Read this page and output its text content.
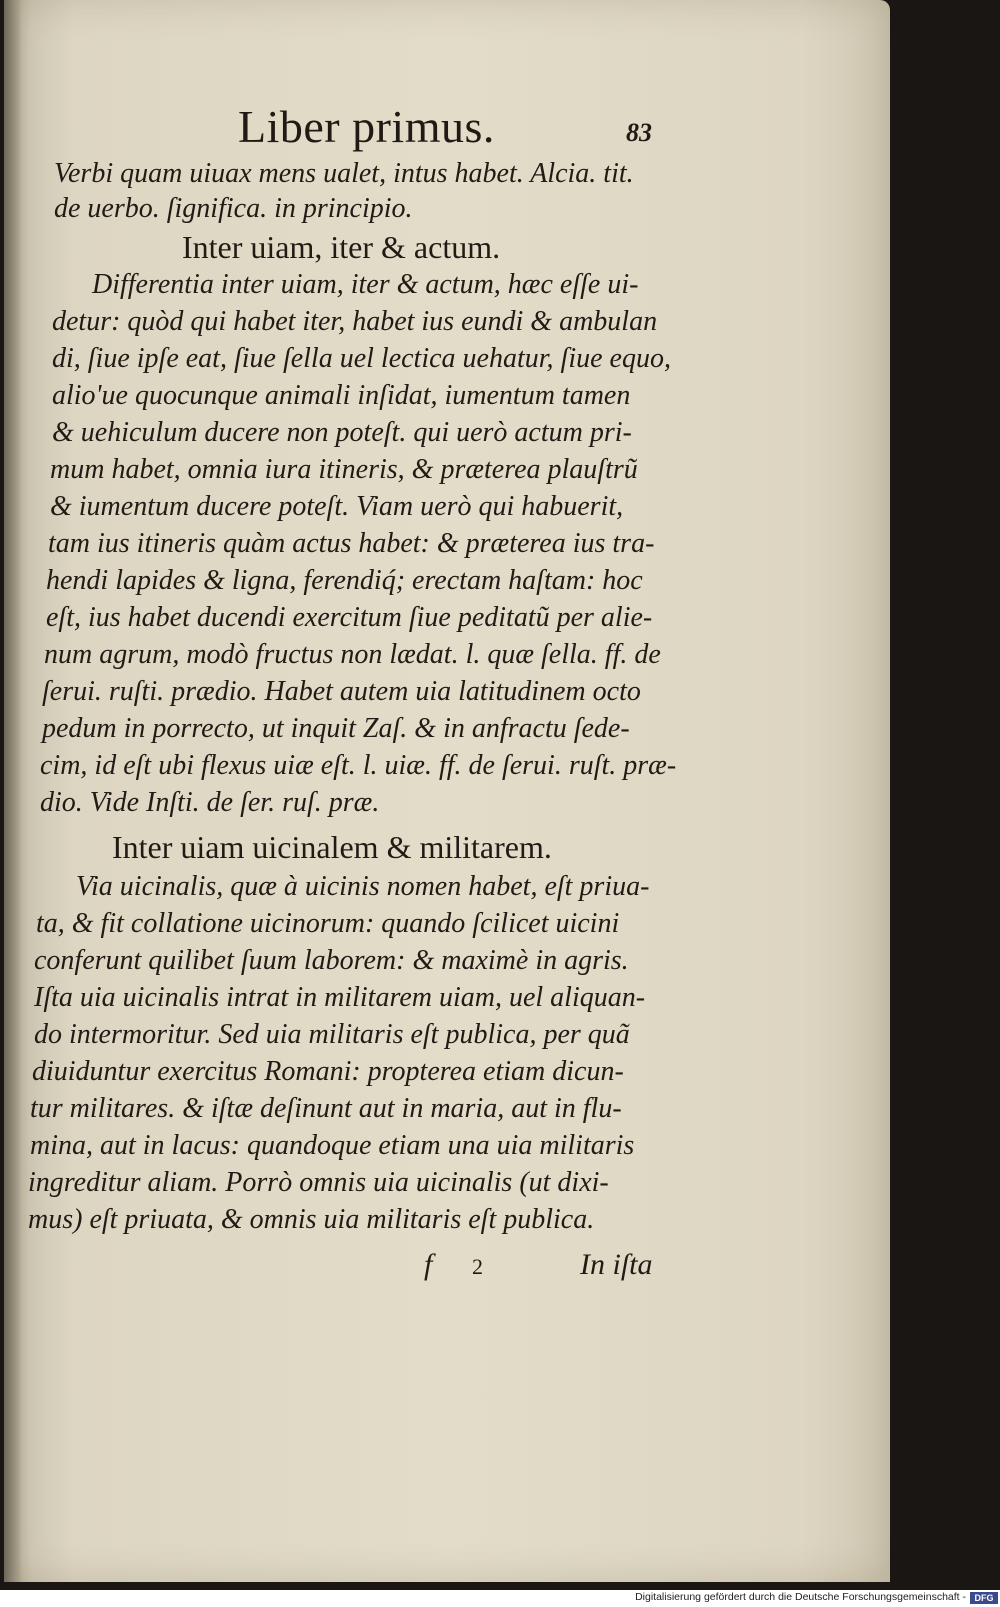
Liber primus.	83
Verbi quam uiuax mens ualet, intus habet. Alcia. tit.
de uerbo. ſignifica. in principio.
Inter uiam, iter & actum.
Differentia inter uiam, iter & actum, hæc eſſe ui-
detur: quòd qui habet iter, habet ius eundi & ambulan
di, ſiue ipſe eat, ſiue ſella uel lectica uehatur, ſiue equo,
alio'ue quocunque animali inſidat, iumentum tamen
& uehiculum ducere non poteſt. qui uerò actum pri-
mum habet, omnia iura itineris, & præterea plauſtrũ
& iumentum ducere poteſt. Viam uerò qui habuerit,
tam ius itineris quàm actus habet: & præterea ius tra-
hendi lapides & ligna, ferendiq́; erectam haſtam: hoc
eſt, ius habet ducendi exercitum ſiue peditatũ per alie-
num agrum, modò fructus non lædat. l. quæ ſella. ff. de
ſerui. ruſti. prædio. Habet autem uia latitudinem octo
pedum in porrecto, ut inquit Zaſ. & in anfractu ſede-
cim, id eſt ubi flexus uiæ eſt. l. uiæ. ff. de ſerui. ruſt. præ-
dio. Vide Inſti. de ſer. ruſ. præ.
Inter uiam uicinalem & militarem.
Via uicinalis, quæ à uicinis nomen habet, eſt priua-
ta, & fit collatione uicinorum: quando ſcilicet uicini
conferunt quilibet ſuum laborem: & maximè in agris.
Iſta uia uicinalis intrat in militarem uiam, uel aliquan-
do intermoritur. Sed uia militaris eſt publica, per quã
diuiduntur exercitus Romani: propterea etiam dicun-
tur militares. & iſtæ deſinunt aut in maria, aut in flu-
mina, aut in lacus: quandoque etiam una uia militaris
ingreditur aliam. Porrò omnis uia uicinalis (ut dixi-
mus) eſt priuata, & omnis uia militaris eſt publica.
f 2	In iſta
Digitalisierung gefördert durch die Deutsche Forschungsgemeinschaft - DFG
